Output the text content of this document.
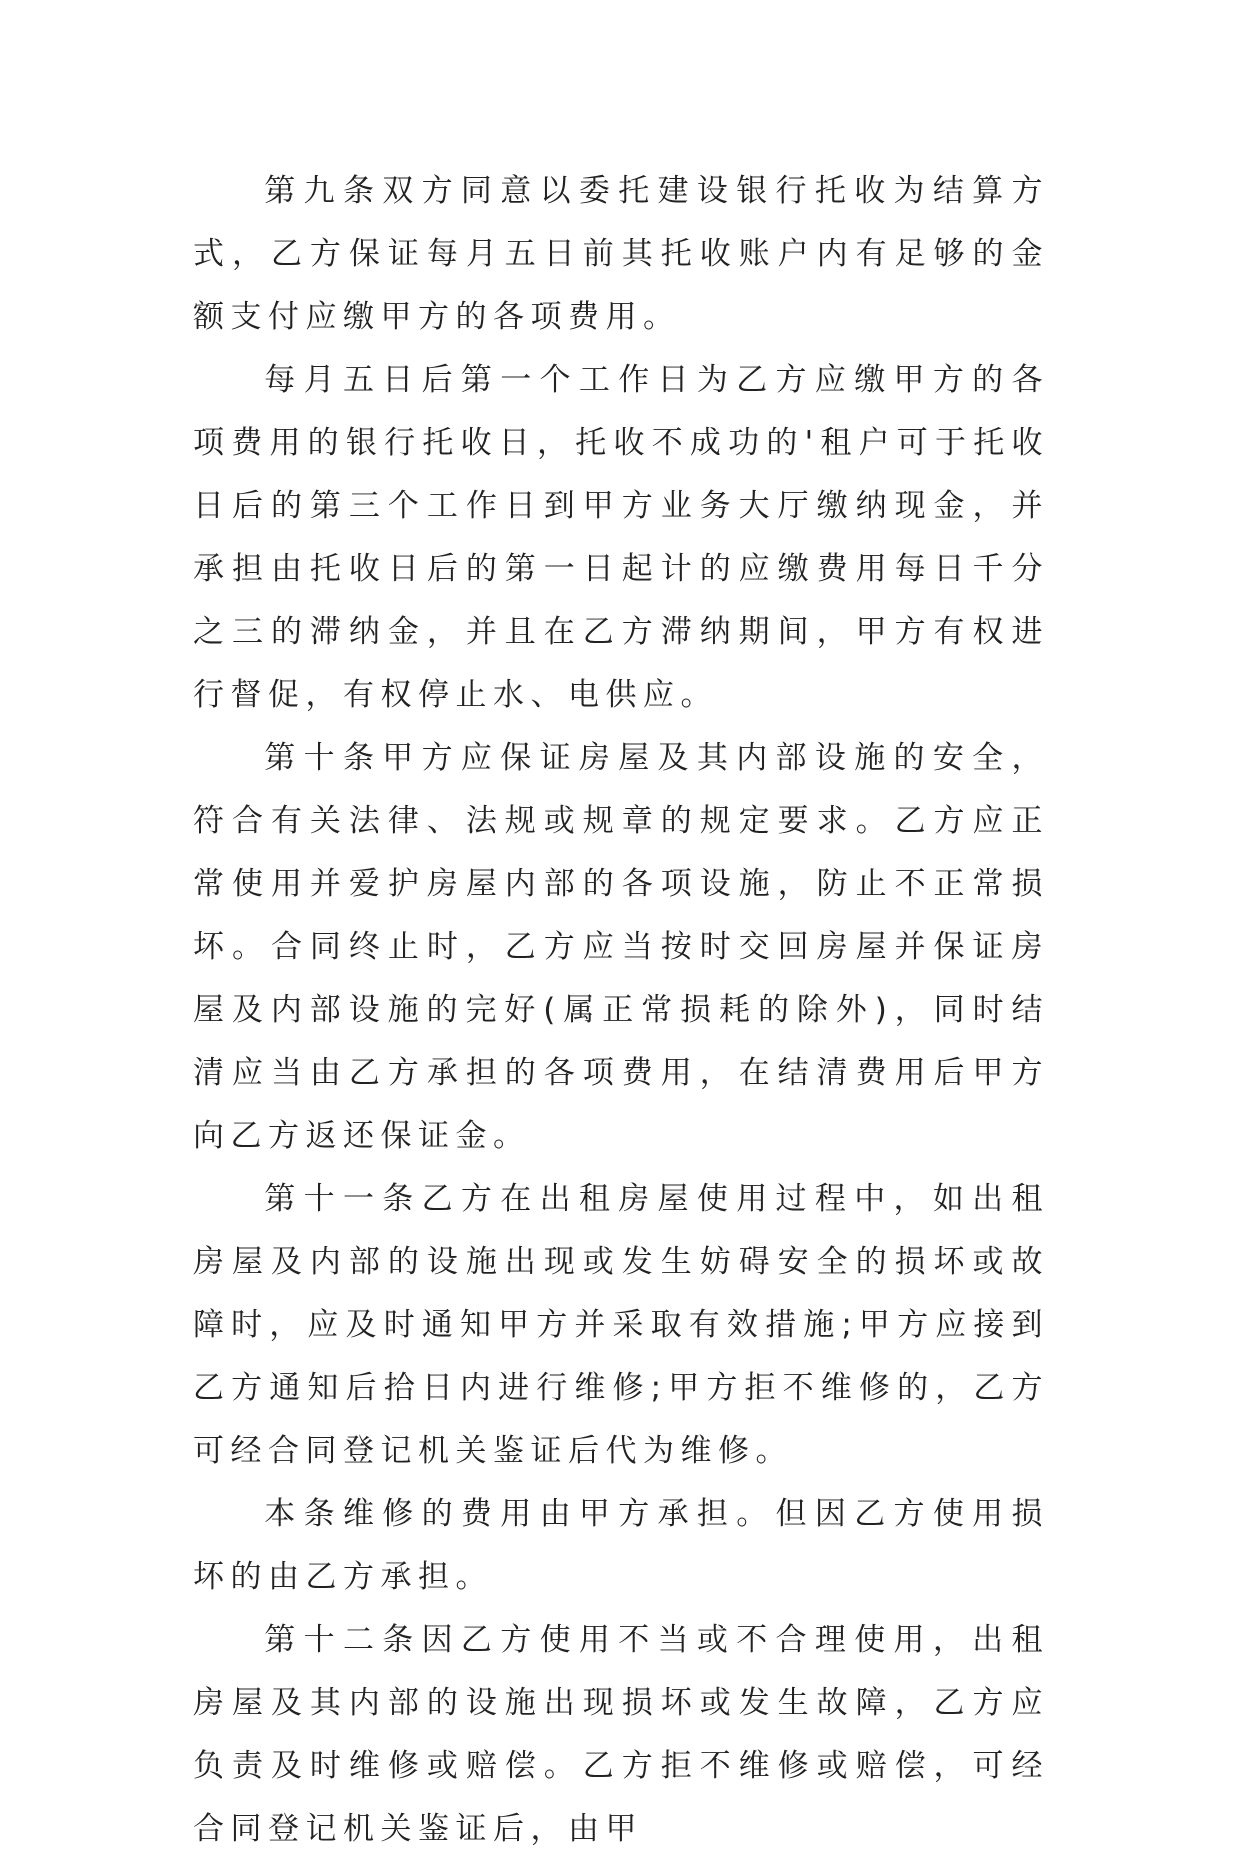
第九条双方同意以委托建设银行托收为结算方式，乙方保证每月五日前其托收账户内有足够的金额支付应缴甲方的各项费用。

每月五日后第一个工作日为乙方应缴甲方的各项费用的银行托收日，托收不成功的'租户可于托收日后的第三个工作日到甲方业务大厅缴纳现金，并承担由托收日后的第一日起计的应缴费用每日千分之三的滞纳金，并且在乙方滞纳期间，甲方有权进行督促，有权停止水、电供应。

第十条甲方应保证房屋及其内部设施的安全，符合有关法律、法规或规章的规定要求。乙方应正常使用并爱护房屋内部的各项设施，防止不正常损坏。合同终止时，乙方应当按时交回房屋并保证房屋及内部设施的完好(属正常损耗的除外)，同时结清应当由乙方承担的各项费用，在结清费用后甲方向乙方返还保证金。

第十一条乙方在出租房屋使用过程中，如出租房屋及内部的设施出现或发生妨碍安全的损坏或故障时，应及时通知甲方并采取有效措施;甲方应接到乙方通知后拾日内进行维修;甲方拒不维修的，乙方可经合同登记机关鉴证后代为维修。

本条维修的费用由甲方承担。但因乙方使用损坏的由乙方承担。

第十二条因乙方使用不当或不合理使用，出租房屋及其内部的设施出现损坏或发生故障，乙方应负责及时维修或赔偿。乙方拒不维修或赔偿，可经合同登记机关鉴证后，由甲
